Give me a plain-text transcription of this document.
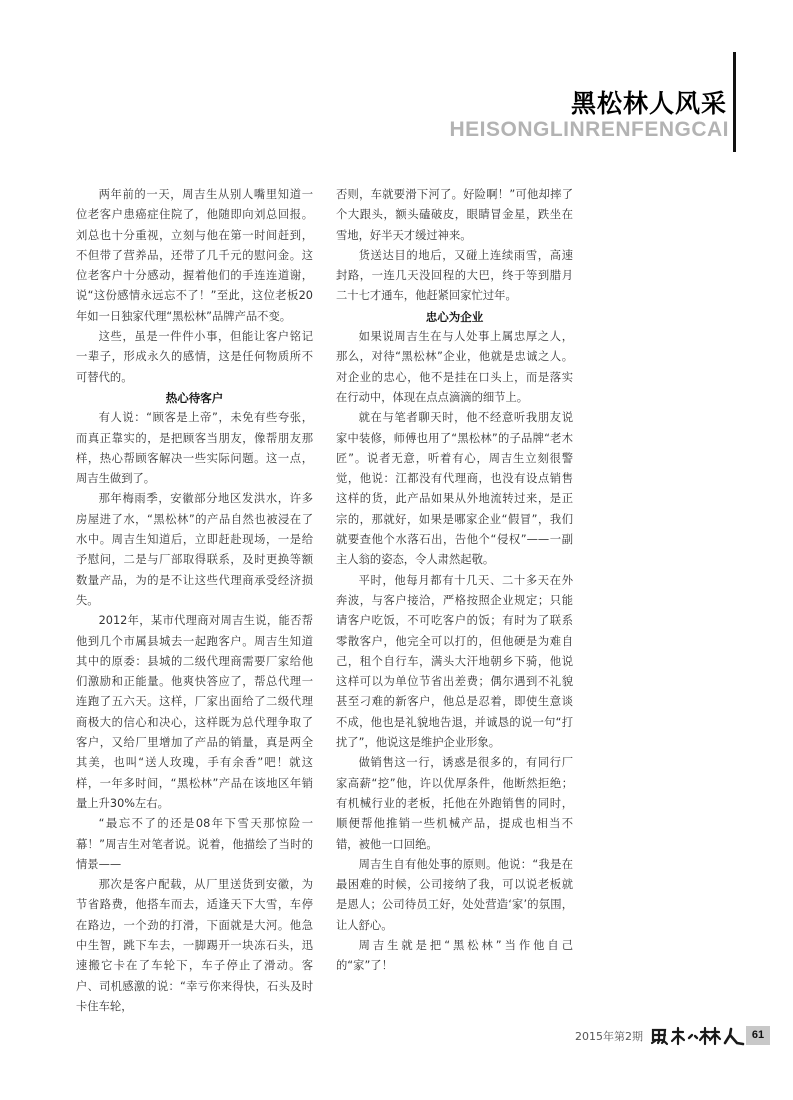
黑松林人风采
HEISONGLINRENFENGCAI

两年前的一天，周吉生从别人嘴里知道一位老客户患癌症住院了，他随即向刘总回报。刘总也十分重视，立刻与他在第一时间赶到，不但带了营养品，还带了几千元的慰问金。这位老客户十分感动，握着他们的手连连道谢，说“这份感情永远忘不了！”至此，这位老板20年如一日独家代理“黑松林”品牌产品不变。

这些，虽是一件件小事，但能让客户铭记一辈子，形成永久的感情，这是任何物质所不可替代的。

热心待客户

有人说：“顾客是上帝”，未免有些夸张，而真正靠实的，是把顾客当朋友，像帮朋友那样，热心帮顾客解决一些实际问题。这一点，周吉生做到了。

那年梅雨季，安徽部分地区发洪水，许多房屋进了水，“黑松林”的产品自然也被浸在了水中。周吉生知道后，立即赶赴现场，一是给予慰问，二是与厂部取得联系，及时更换等额数量产品，为的是不让这些代理商承受经济损失。

2012年，某市代理商对周吉生说，能否帮他到几个市属县城去一起跑客户。周吉生知道其中的原委：县城的二级代理商需要厂家给他们激励和正能量。他爽快答应了，帮总代理一连跑了五六天。这样，厂家出面给了二级代理商极大的信心和决心，这样既为总代理争取了客户，又给厂里增加了产品的销量，真是两全其美，也叫“送人玫瑰，手有余香”吧！就这样，一年多时间，“黑松林”产品在该地区年销量上升30%左右。

“最忘不了的还是08年下雪天那惊险一幕！”周吉生对笔者说。说着，他描绘了当时的情景——

那次是客户配载，从厂里送货到安徽，为节省路费，他搭车而去，适逢天下大雪，车停在路边，一个劲的打滑，下面就是大河。他急中生智，跳下车去，一脚踢开一块冻石头，迅速搬它卡在了车轮下，车子停止了滑动。客户、司机感激的说：“幸亏你来得快，石头及时卡住车轮，

否则，车就要滑下河了。好险啊！”可他却摔了个大跟头，额头磕破皮，眼睛冒金星，跌坐在雪地，好半天才缓过神来。

货送达目的地后，又碰上连续雨雪，高速封路，一连几天没回程的大巴，终于等到腊月二十七才通车，他赶紧回家忙过年。

忠心为企业

如果说周吉生在与人处事上属忠厚之人，那么，对待“黑松林”企业，他就是忠诚之人。对企业的忠心，他不是挂在口头上，而是落实在行动中，体现在点点滴滴的细节上。

就在与笔者聊天时，他不经意听我朋友说家中装修，师傅也用了“黑松林”的子品牌“老木匠”。说者无意，听着有心，周吉生立刻很警觉，他说：江都没有代理商，也没有设点销售这样的货，此产品如果从外地流转过来，是正宗的，那就好，如果是哪家企业“假冒”，我们就要查他个水落石出，告他个“侵权”——一副主人翁的姿态，令人肃然起敬。

平时，他每月都有十几天、二十多天在外奔波，与客户接洽，严格按照企业规定；只能请客户吃饭，不可吃客户的饭；有时为了联系零散客户，他完全可以打的，但他硬是为难自己，租个自行车，满头大汗地朝乡下骑，他说这样可以为单位节省出差费；偶尔遇到不礼貌甚至刁难的新客户，他总是忍着，即使生意谈不成，他也是礼貌地告退，并诚恳的说一句“打扰了”，他说这是维护企业形象。

做销售这一行，诱惑是很多的，有同行厂家高薪“挖”他，许以优厚条件，他断然拒绝；有机械行业的老板，托他在外跑销售的同时，顺便帮他推销一些机械产品，提成也相当不错，被他一口回绝。

周吉生自有他处事的原则。他说：“我是在最困难的时候，公司接纳了我，可以说老板就是恩人；公司待员工好，处处营造‘家’的氛围，让人舒心。

周吉生就是把“黑松林”当作他自己的“家”了！

2015年第2期	61
